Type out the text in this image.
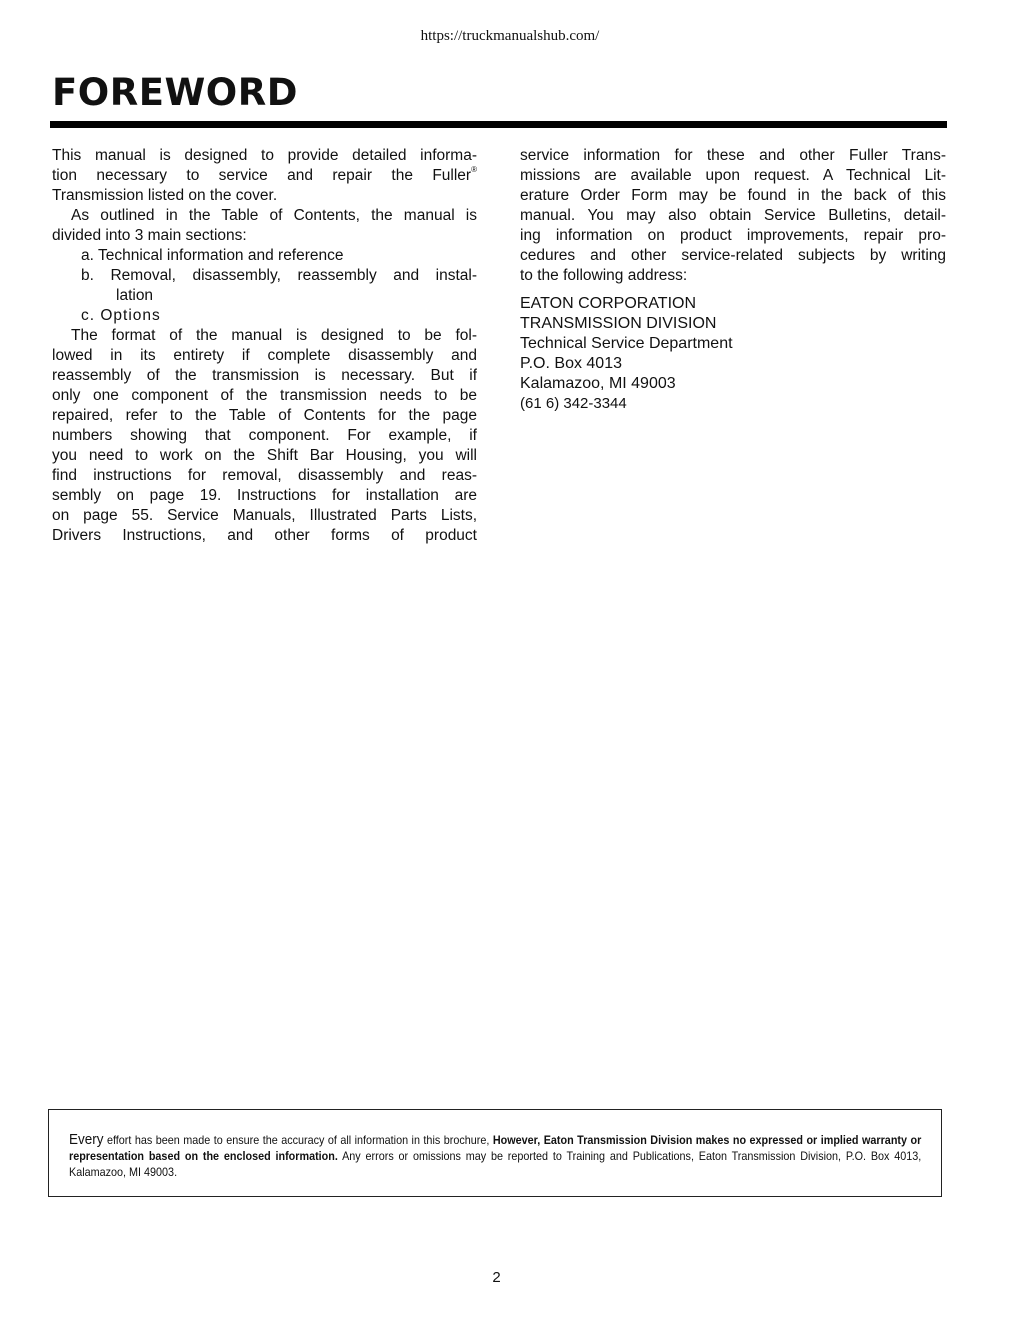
https://truckmanualshub.com/
FOREWORD
This manual is designed to provide detailed informa-
tion necessary to service and repair the Fuller®
Transmission listed on the cover.
As outlined in the Table of Contents, the manual is
divided into 3 main sections:
a. Technical information and reference
b. Removal, disassembly, reassembly and instal-
lation
c. Options
The format of the manual is designed to be fol-
lowed in its entirety if complete disassembly and
reassembly of the transmission is necessary. But if
only one component of the transmission needs to be
repaired, refer to the Table of Contents for the page
numbers showing that component. For example, if
you need to work on the Shift Bar Housing, you will
find instructions for removal, disassembly and reas-
sembly on page 19. Instructions for installation are
on page 55. Service Manuals, Illustrated Parts Lists,
Drivers Instructions, and other forms of product
service information for these and other Fuller Trans-
missions are available upon request. A Technical Lit-
erature Order Form may be found in the back of this
manual. You may also obtain Service Bulletins, detail-
ing information on product improvements, repair pro-
cedures and other service-related subjects by writing
to the following address:
EATON CORPORATION
TRANSMISSION DIVISION
Technical Service Department
P.O. Box 4013
Kalamazoo, MI 49003
(61 6) 342-3344
Every effort has been made to ensure the accuracy of all information in this brochure, However, Eaton Transmission Division makes no expressed or implied warranty or representation based on the enclosed information. Any errors or omissions may be reported to Training and Publications, Eaton Transmission Division, P.O. Box 4013, Kalamazoo, MI 49003.
2
